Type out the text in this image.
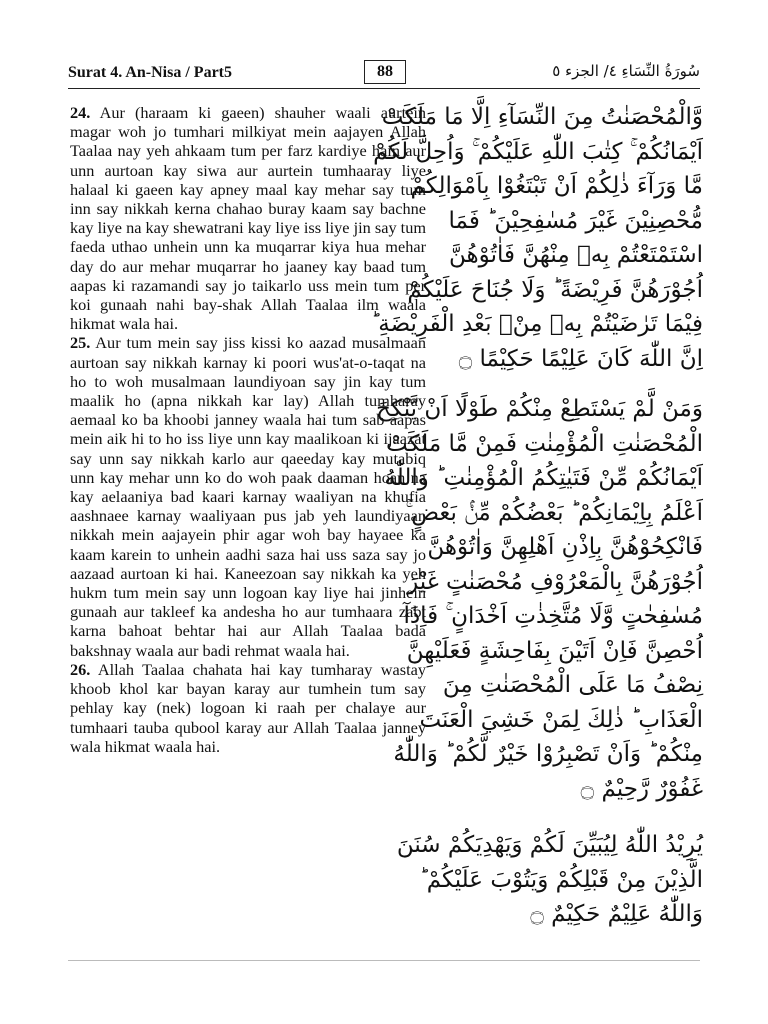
Surat 4. An-Nisa / Part5	88	سُورَةُ النِّسَاءِ ٤/ الجزء ٥

24. Aur (haraam ki gaeen) shauher waali aurtein magar woh jo tumhari milkiyat mein aajayen Allah Taalaa nay yeh ahkaam tum per farz kardiye hain aur unn aurtoan kay siwa aur aurtein tumhaaray liye halaal ki gaeen kay apney maal kay mehar say tum inn say nikkah kerna chahao buray kaam say bachne kay liye na kay shewatrani kay liye iss liye jin say tum faeda uthao unhein unn ka muqarrar kiya hua mehar day do aur mehar muqarrar ho jaaney kay baad tum aapas ki razamandi say jo taikarlo uss mein tum per koi gunaah nahi bay-shak Allah Taalaa ilm waala hikmat wala hai.

25. Aur tum mein say jiss kissi ko aazad musalmaan aurtoan say nikkah karnay ki poori wus'at-o-taqat na ho to woh musalmaan laundiyoan say jin kay tum maalik ho (apna nikkah kar lay) Allah tumharay aemaal ko ba khoobi janney waala hai tum sab aapas mein aik hi to ho iss liye unn kay maalikoan ki ijaazat say unn say nikkah karlo aur qaeeday kay mutabiq unn kay mehar unn ko do woh paak daaman hoan na kay aelaaniya bad kaari karnay waaliyan na khufia aashnaee karnay waaliyaan pus jab yeh laundiyaan nikkah mein aajayein phir agar woh bay hayaee ka kaam karein to unhein aadhi saza hai uss saza say jo aazaad aurtoan ki hai. Kaneezoan say nikkah ka yeh hukm tum mein say unn logoan kay liye hai jinhein gunaah aur takleef ka andesha ho aur tumhaara zabt karna bahoat behtar hai aur Allah Taalaa bada bakshnay waala aur badi rehmat waala hai.

26. Allah Taalaa chahata hai kay tumharay wastay khoob khol kar bayan karay aur tumhein tum say pehlay kay (nek) logoan ki raah per chalaye aur tumhaari tauba qubool karay aur Allah Taalaa janney wala hikmat waala hai.

وَّالْمُحْصَنٰتُ مِنَ النِّسَآءِ اِلَّا مَا مَلَكَتْ
اَيْمَانُكُمْ ۚ كِتٰبَ اللّٰهِ عَلَيْكُمْ ۚ وَاُحِلَّ لَكُمْ
مَّا وَرَآءَ ذٰلِكُمْ اَنْ تَبْتَغُوْا بِاَمْوَالِكُمْ
مُّحْصِنِيْنَ غَيْرَ مُسٰفِحِيْنَ ؕ فَمَا
اسْتَمْتَعْتُمْ بِهٖ مِنْهُنَّ فَاٰتُوْهُنَّ
اُجُوْرَهُنَّ فَرِيْضَةً ؕ وَلَا جُنَاحَ عَلَيْكُمْ
فِيْمَا تَرٰضَيْتُمْ بِهٖ مِنْۢ بَعْدِ الْفَرِيْضَةِ ؕ
اِنَّ اللّٰهَ كَانَ عَلِيْمًا حَكِيْمًا ۝
وَمَنْ لَّمْ يَسْتَطِعْ مِنْكُمْ طَوْلًا اَنْ يَّنْكِحَ
الْمُحْصَنٰتِ الْمُؤْمِنٰتِ فَمِنْ مَّا مَلَكَتْ
اَيْمَانُكُمْ مِّنْ فَتَيٰتِكُمُ الْمُؤْمِنٰتِ ؕ وَاللّٰهُ
اَعْلَمُ بِاِيْمَانِكُمْ ؕ بَعْضُكُمْ مِّنْۢ بَعْضٍ ۚ
فَانْكِحُوْهُنَّ بِاِذْنِ اَهْلِهِنَّ وَاٰتُوْهُنَّ
اُجُوْرَهُنَّ بِالْمَعْرُوْفِ مُحْصَنٰتٍ غَيْرَ
مُسٰفِحٰتٍ وَّلَا مُتَّخِذٰتِ اَخْدَانٍ ۚ فَاِذَآ
اُحْصِنَّ فَاِنْ اَتَيْنَ بِفَاحِشَةٍ فَعَلَيْهِنَّ
نِصْفُ مَا عَلَى الْمُحْصَنٰتِ مِنَ
الْعَذَابِ ؕ ذٰلِكَ لِمَنْ خَشِيَ الْعَنَتَ
مِنْكُمْ ؕ وَاَنْ تَصْبِرُوْا خَيْرٌ لَّكُمْ ؕ وَاللّٰهُ
غَفُوْرٌ رَّحِيْمٌ ۝
يُرِيْدُ اللّٰهُ لِيُبَيِّنَ لَكُمْ وَيَهْدِيَكُمْ سُنَنَ
الَّذِيْنَ مِنْ قَبْلِكُمْ وَيَتُوْبَ عَلَيْكُمْ ؕ
وَاللّٰهُ عَلِيْمٌ حَكِيْمٌ ۝
